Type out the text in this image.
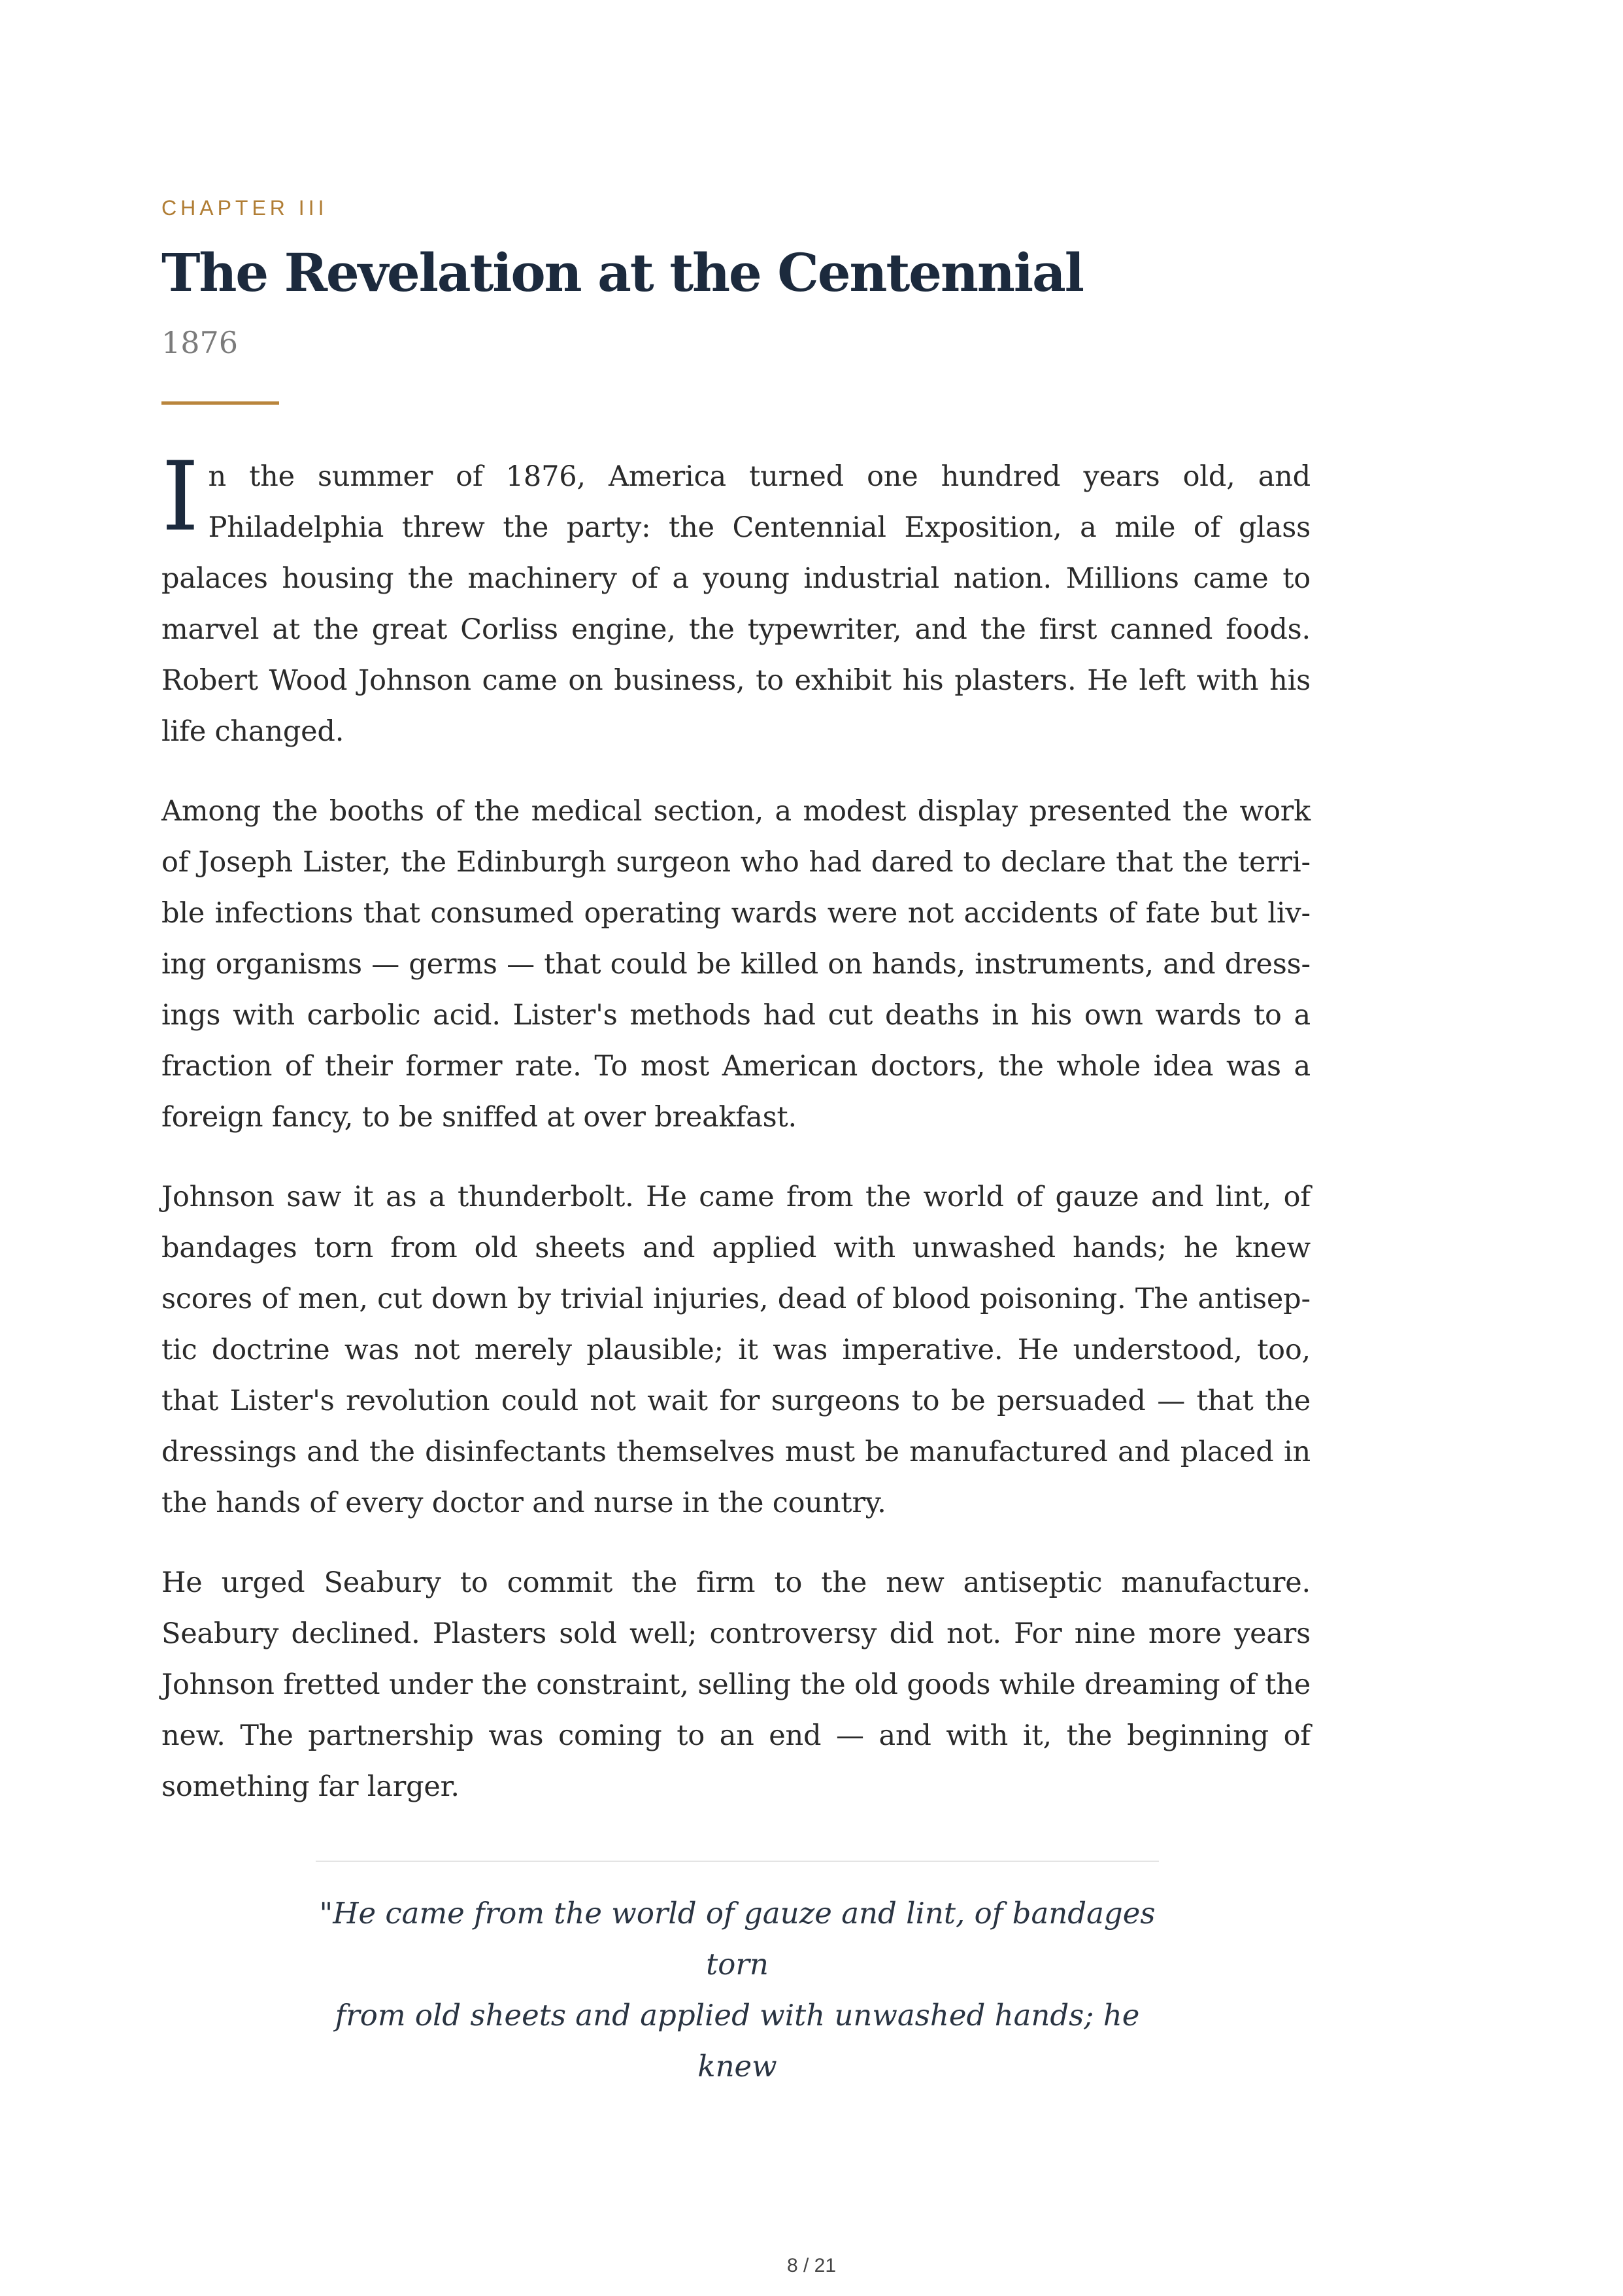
CHAPTER III
The Revelation at the Centennial
1876

In the summer of 1876, America turned one hundred years old, and Philadelphia threw the party: the Centennial Exposition, a mile of glass palaces housing the machinery of a young industrial nation. Millions came to marvel at the great Corliss engine, the typewriter, and the first canned foods. Robert Wood Johnson came on business, to exhibit his plasters. He left with his life changed.

Among the booths of the medical section, a modest display presented the work of Joseph Lister, the Edinburgh surgeon who had dared to declare that the terrible infections that consumed operating wards were not accidents of fate but living organisms — germs — that could be killed on hands, instruments, and dressings with carbolic acid. Lister's methods had cut deaths in his own wards to a fraction of their former rate. To most American doctors, the whole idea was a foreign fancy, to be sniffed at over breakfast.

Johnson saw it as a thunderbolt. He came from the world of gauze and lint, of bandages torn from old sheets and applied with unwashed hands; he knew scores of men, cut down by trivial injuries, dead of blood poisoning. The antiseptic doctrine was not merely plausible; it was imperative. He understood, too, that Lister's revolution could not wait for surgeons to be persuaded — that the dressings and the disinfectants themselves must be manufactured and placed in the hands of every doctor and nurse in the country.

He urged Seabury to commit the firm to the new antiseptic manufacture. Seabury declined. Plasters sold well; controversy did not. For nine more years Johnson fretted under the constraint, selling the old goods while dreaming of the new. The partnership was coming to an end — and with it, the beginning of something far larger.

"He came from the world of gauze and lint, of bandages torn
from old sheets and applied with unwashed hands; he knew
8 / 21
